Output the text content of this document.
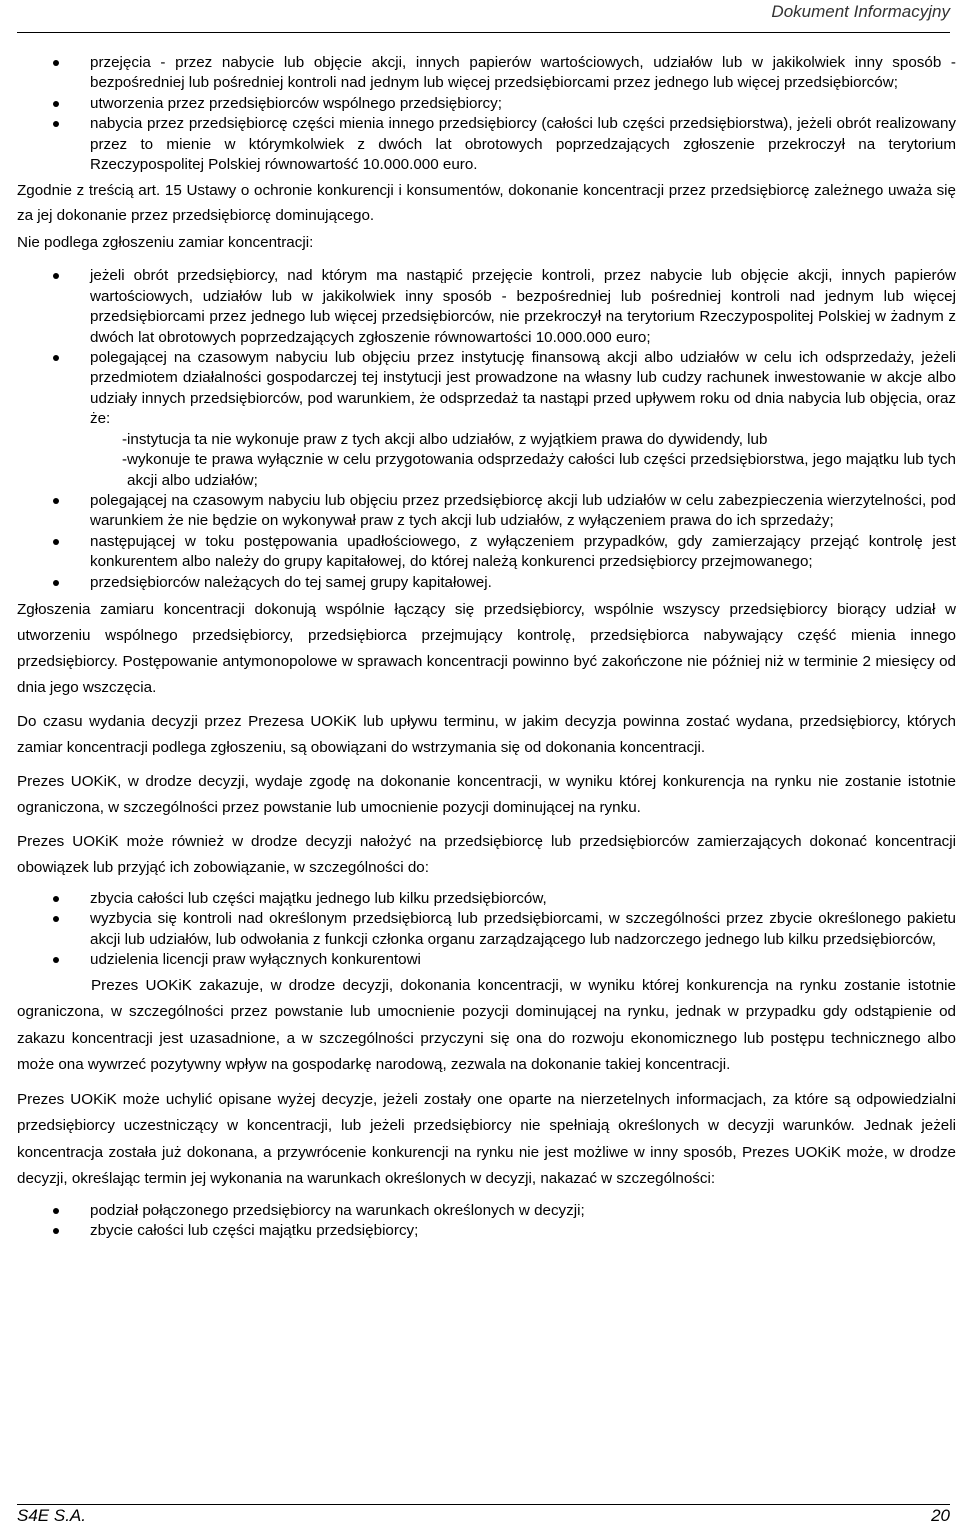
Dokument Informacyjny
przejęcia - przez nabycie lub objęcie akcji, innych papierów wartościowych, udziałów lub w jakikolwiek inny sposób - bezpośredniej lub pośredniej kontroli nad jednym lub więcej przedsiębiorcami przez jednego lub więcej przedsiębiorców;
utworzenia przez przedsiębiorców wspólnego przedsiębiorcy;
nabycia przez przedsiębiorcę części mienia innego przedsiębiorcy (całości lub części przedsiębiorstwa), jeżeli obrót realizowany przez to mienie w którymkolwiek z dwóch lat obrotowych poprzedzających zgłoszenie przekroczył na terytorium Rzeczypospolitej Polskiej równowartość 10.000.000 euro.

Zgodnie z treścią art. 15 Ustawy o ochronie konkurencji i konsumentów, dokonanie koncentracji przez przedsiębiorcę zależnego uważa się za jej dokonanie przez przedsiębiorcę dominującego.

Nie podlega zgłoszeniu zamiar koncentracji:

jeżeli obrót przedsiębiorcy, nad którym ma nastąpić przejęcie kontroli, przez nabycie lub objęcie akcji, innych papierów wartościowych, udziałów lub w jakikolwiek inny sposób - bezpośredniej lub pośredniej kontroli nad jednym lub więcej przedsiębiorcami przez jednego lub więcej przedsiębiorców, nie przekroczył na terytorium Rzeczypospolitej Polskiej w żadnym z dwóch lat obrotowych poprzedzających zgłoszenie równowartości 10.000.000 euro;
polegającej na czasowym nabyciu lub objęciu przez instytucję finansową akcji albo udziałów w celu ich odsprzedaży, jeżeli przedmiotem działalności gospodarczej tej instytucji jest prowadzone na własny lub cudzy rachunek inwestowanie w akcje albo udziały innych przedsiębiorców, pod warunkiem, że odsprzedaż ta nastąpi przed upływem roku od dnia nabycia lub objęcia, oraz że:
- instytucja ta nie wykonuje praw z tych akcji albo udziałów, z wyjątkiem prawa do dywidendy, lub
- wykonuje te prawa wyłącznie w celu przygotowania odsprzedaży całości lub części przedsiębiorstwa, jego majątku lub tych akcji albo udziałów;
polegającej na czasowym nabyciu lub objęciu przez przedsiębiorcę akcji lub udziałów w celu zabezpieczenia wierzytelności, pod warunkiem że nie będzie on wykonywał praw z tych akcji lub udziałów, z wyłączeniem prawa do ich sprzedaży;
następującej w toku postępowania upadłościowego, z wyłączeniem przypadków, gdy zamierzający przejąć kontrolę jest konkurentem albo należy do grupy kapitałowej, do której należą konkurenci przedsiębiorcy przejmowanego;
przedsiębiorców należących do tej samej grupy kapitałowej.

Zgłoszenia zamiaru koncentracji dokonują wspólnie łączący się przedsiębiorcy, wspólnie wszyscy przedsiębiorcy biorący udział w utworzeniu wspólnego przedsiębiorcy, przedsiębiorca przejmujący kontrolę, przedsiębiorca nabywający część mienia innego przedsiębiorcy. Postępowanie antymonopolowe w sprawach koncentracji powinno być zakończone nie później niż w terminie 2 miesięcy od dnia jego wszczęcia.

Do czasu wydania decyzji przez Prezesa UOKiK lub upływu terminu, w jakim decyzja powinna zostać wydana, przedsiębiorcy, których zamiar koncentracji podlega zgłoszeniu, są obowiązani do wstrzymania się od dokonania koncentracji.

Prezes UOKiK, w drodze decyzji, wydaje zgodę na dokonanie koncentracji, w wyniku której konkurencja na rynku nie zostanie istotnie ograniczona, w szczególności przez powstanie lub umocnienie pozycji dominującej na rynku.

Prezes UOKiK może również w drodze decyzji nałożyć na przedsiębiorcę lub przedsiębiorców zamierzających dokonać koncentracji obowiązek lub przyjąć ich zobowiązanie, w szczególności do:

zbycia całości lub części majątku jednego lub kilku przedsiębiorców,
wyzbycia się kontroli nad określonym przedsiębiorcą lub przedsiębiorcami, w szczególności przez zbycie określonego pakietu akcji lub udziałów, lub odwołania z funkcji członka organu zarządzającego lub nadzorczego jednego lub kilku przedsiębiorców,
udzielenia licencji praw wyłącznych konkurentowi

Prezes UOKiK zakazuje, w drodze decyzji, dokonania koncentracji, w wyniku której konkurencja na rynku zostanie istotnie ograniczona, w szczególności przez powstanie lub umocnienie pozycji dominującej na rynku, jednak w przypadku gdy odstąpienie od zakazu koncentracji jest uzasadnione, a w szczególności przyczyni się ona do rozwoju ekonomicznego lub postępu technicznego albo może ona wywrzeć pozytywny wpływ na gospodarkę narodową, zezwala na dokonanie takiej koncentracji.

Prezes UOKiK może uchylić opisane wyżej decyzje, jeżeli zostały one oparte na nierzetelnych informacjach, za które są odpowiedzialni przedsiębiorcy uczestniczący w koncentracji, lub jeżeli przedsiębiorcy nie spełniają określonych w decyzji warunków. Jednak jeżeli koncentracja została już dokonana, a przywrócenie konkurencji na rynku nie jest możliwe w inny sposób, Prezes UOKiK może, w drodze decyzji, określając termin jej wykonania na warunkach określonych w decyzji, nakazać w szczególności:

podział połączonego przedsiębiorcy na warunkach określonych w decyzji;
zbycie całości lub części majątku przedsiębiorcy;
S4E S.A.	20
